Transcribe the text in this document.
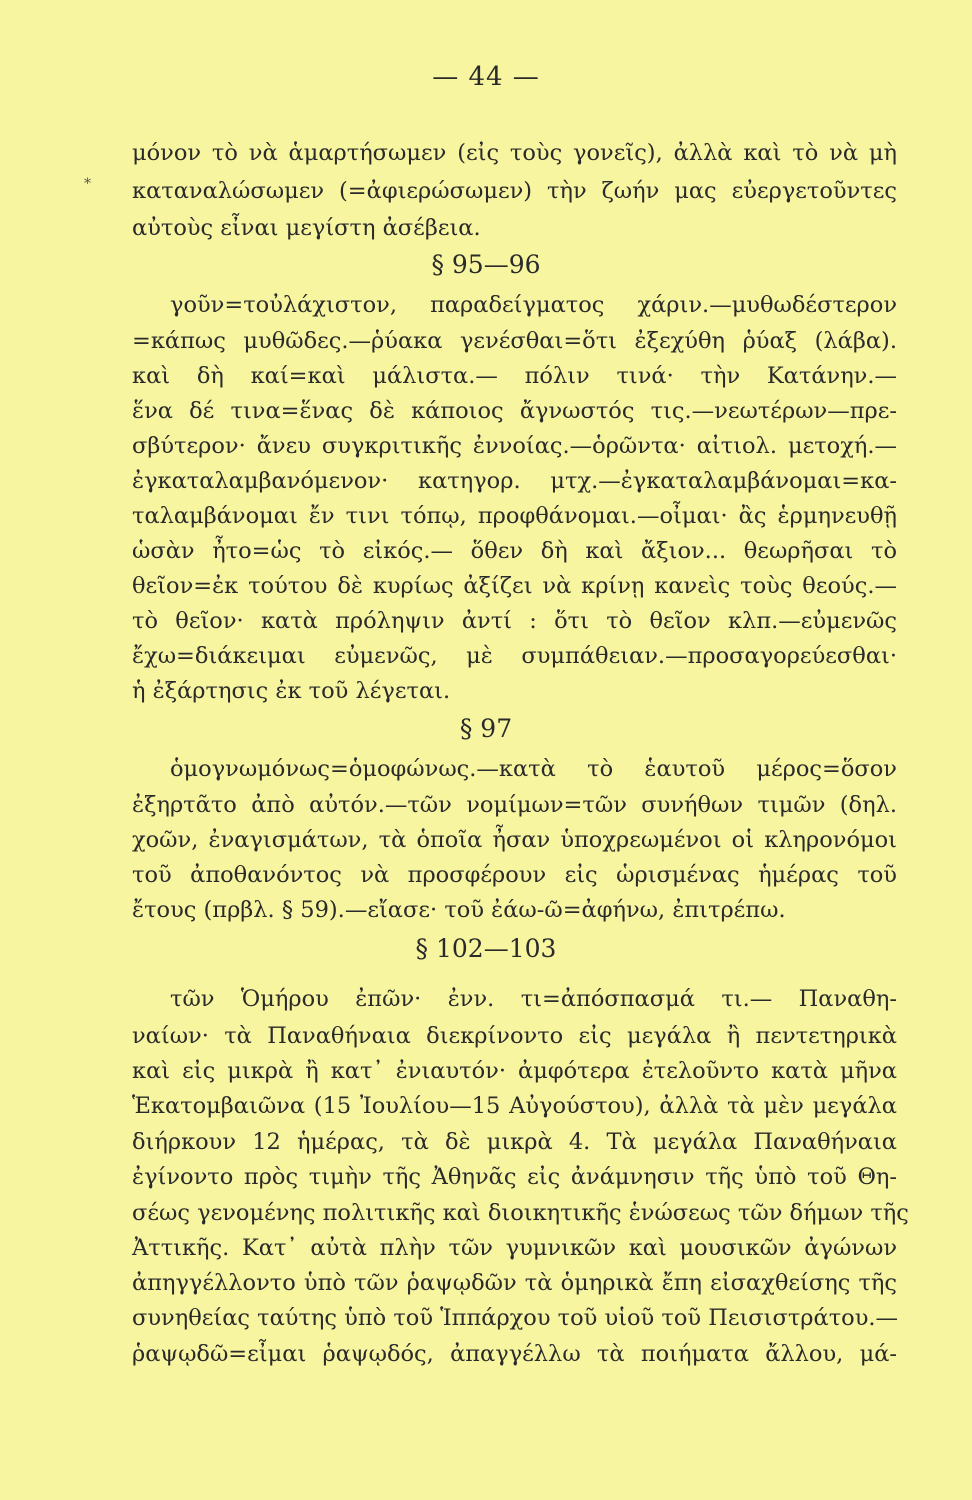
— 44 —
*
μόνον τὸ νὰ ἁμαρτήσωμεν (εἰς τοὺς γονεῖς), ἀλλὰ καὶ τὸ νὰ μὴ
καταναλώσωμεν (=ἀφιερώσωμεν) τὴν ζωήν μας εὐεργετοῦντες
αὐτοὺς εἶναι μεγίστη ἀσέβεια.
§ 95—96
γοῦν=τοὐλάχιστον, παραδείγματος χάριν.—μυθωδέστερον
=κάπως μυθῶδες.—ῥύακα γενέσθαι=ὅτι ἐξεχύθη ῥύαξ (λάβα).
καὶ δὴ καί=καὶ μάλιστα.— πόλιν τινά· τὴν Κατάνην.—
ἕνα δέ τινα=ἕνας δὲ κάποιος ἄγνωστός τις.—νεωτέρων—πρε-
σβύτερον· ἄνευ συγκριτικῆς ἐννοίας.—ὁρῶντα· αἰτιολ. μετοχή.—
ἐγκαταλαμβανόμενον· κατηγορ. μτχ.—ἐγκαταλαμβάνομαι=κα-
ταλαμβάνομαι ἔν τινι τόπῳ, προφθάνομαι.—οἶμαι· ἂς ἑρμηνευθῇ
ὡσὰν ἦτο=ὡς τὸ εἰκός.— ὅθεν δὴ καὶ ἄξιον... θεωρῆσαι τὸ
θεῖον=ἐκ τούτου δὲ κυρίως ἀξίζει νὰ κρίνῃ κανεὶς τοὺς θεούς.—
τὸ θεῖον· κατὰ πρόληψιν ἀντί : ὅτι τὸ θεῖον κλπ.—εὐμενῶς
ἔχω=διάκειμαι εὐμενῶς, μὲ συμπάθειαν.—προσαγορεύεσθαι·
ἡ ἐξάρτησις ἐκ τοῦ λέγεται.
§ 97
ὁμογνωμόνως=ὁμοφώνως.—κατὰ τὸ ἑαυτοῦ μέρος=ὅσον
ἐξηρτᾶτο ἀπὸ αὐτόν.—τῶν νομίμων=τῶν συνήθων τιμῶν (δηλ.
χοῶν, ἐναγισμάτων, τὰ ὁποῖα ἦσαν ὑποχρεωμένοι οἱ κληρονόμοι
τοῦ ἀποθανόντος νὰ προσφέρουν εἰς ὡρισμένας ἡμέρας τοῦ
ἔτους (πρβλ. § 59).—εἴασε· τοῦ ἐάω-ῶ=ἀφήνω, ἐπιτρέπω.
§ 102—103
τῶν Ὁμήρου ἐπῶν· ἐνν. τι=ἀπόσπασμά τι.— Παναθη-
ναίων· τὰ Παναθήναια διεκρίνοντο εἰς μεγάλα ἢ πεντετηρικὰ
καὶ εἰς μικρὰ ἢ κατ᾿ ἐνιαυτόν· ἀμφότερα ἐτελοῦντο κατὰ μῆνα
Ἑκατομβαιῶνα (15 Ἰουλίου—15 Αὐγούστου), ἀλλὰ τὰ μὲν μεγάλα
διήρκουν 12 ἡμέρας, τὰ δὲ μικρὰ 4. Τὰ μεγάλα Παναθήναια
ἐγίνοντο πρὸς τιμὴν τῆς Ἀθηνᾶς εἰς ἀνάμνησιν τῆς ὑπὸ τοῦ Θη-
σέως γενομένης πολιτικῆς καὶ διοικητικῆς ἑνώσεως τῶν δήμων τῆς
Ἀττικῆς. Κατ᾿ αὐτὰ πλὴν τῶν γυμνικῶν καὶ μουσικῶν ἀγώνων
ἀπηγγέλλοντο ὑπὸ τῶν ῥαψῳδῶν τὰ ὁμηρικὰ ἔπη εἰσαχθείσης τῆς
συνηθείας ταύτης ὑπὸ τοῦ Ἱππάρχου τοῦ υἱοῦ τοῦ Πεισιστράτου.—
ῥαψῳδῶ=εἶμαι ῥαψῳδός, ἀπαγγέλλω τὰ ποιήματα ἄλλου, μά-
